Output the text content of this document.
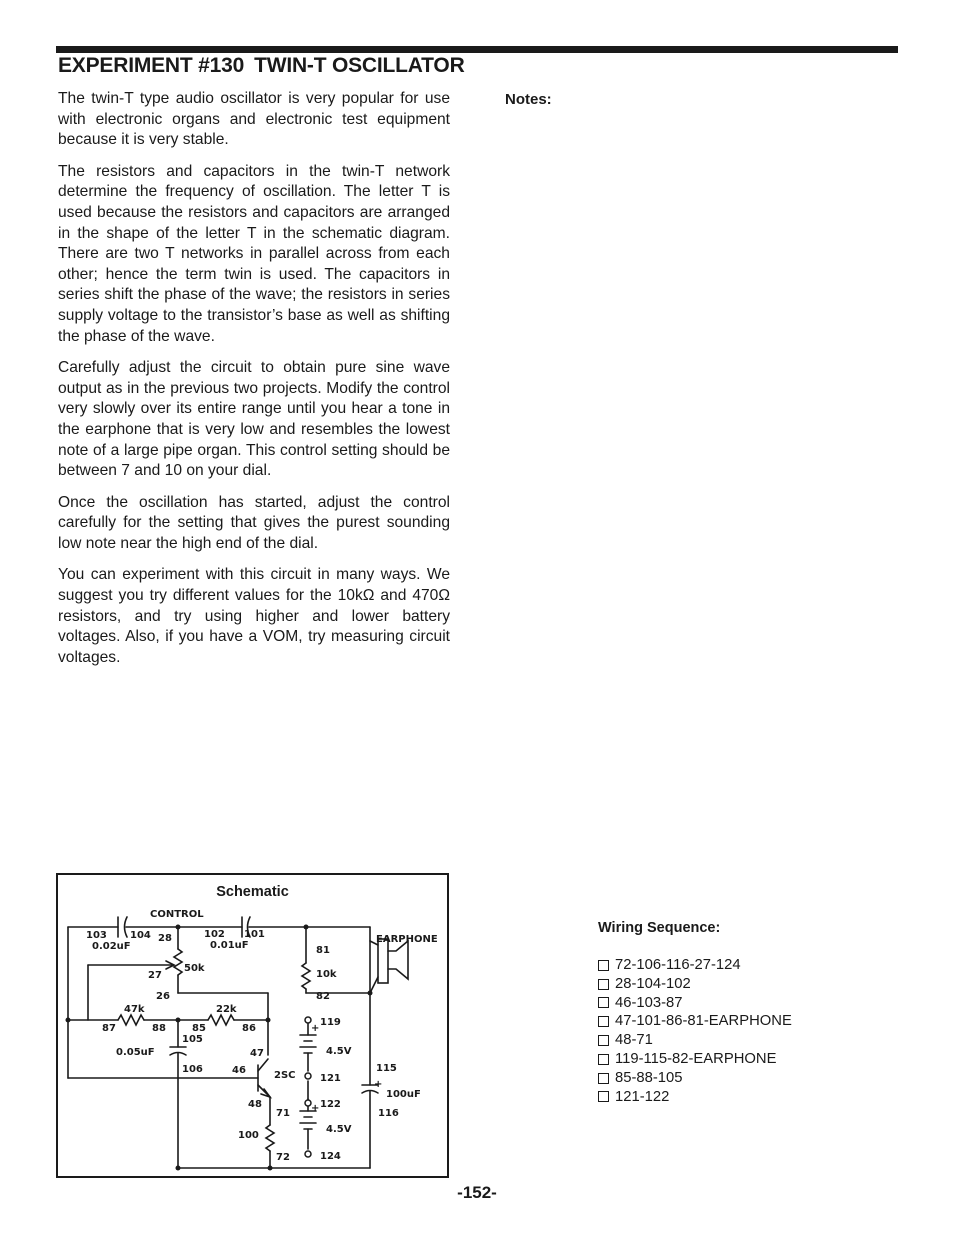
EXPERIMENT #130 TWIN-T OSCILLATOR

The twin-T type audio oscillator is very popular for use with electronic organs and electronic test equipment because it is very stable.

The resistors and capacitors in the twin-T network determine the frequency of oscillation. The letter T is used because the resistors and capacitors are arranged in the shape of the letter T in the schematic diagram. There are two T networks in parallel across from each other; hence the term twin is used. The capacitors in series shift the phase of the wave; the resistors in series supply voltage to the transistor’s base as well as shifting the phase of the wave.

Carefully adjust the circuit to obtain pure sine wave output as in the previous two projects. Modify the control very slowly over its entire range until you hear a tone in the earphone that is very low and resembles the lowest note of a large pipe organ. This control setting should be between 7 and 10 on your dial.

Once the oscillation has started, adjust the control carefully for the setting that gives the purest sounding low note near the high end of the dial.

You can experiment with this circuit in many ways. We suggest you try different values for the 10kΩ and 470Ω resistors, and try using higher and lower battery voltages. Also, if you have a VOM, try measuring circuit voltages.

Notes:
Schematic
CONTROL
103 104
0.02uF
28	102 101
0.01uF
27
50k
26
47k	22k
87	88	85	86
105
0.05uF
106
47
46	2SC
48
71
100
72
81
10k
82
119
4.5V
121
122
4.5V
124
EARPHONE
115
100uF
116
+
+
+
Wiring Sequence:
72-106-116-27-124
28-104-102
46-103-87
47-101-86-81-EARPHONE
48-71
119-115-82-EARPHONE
85-88-105
121-122
-152-
